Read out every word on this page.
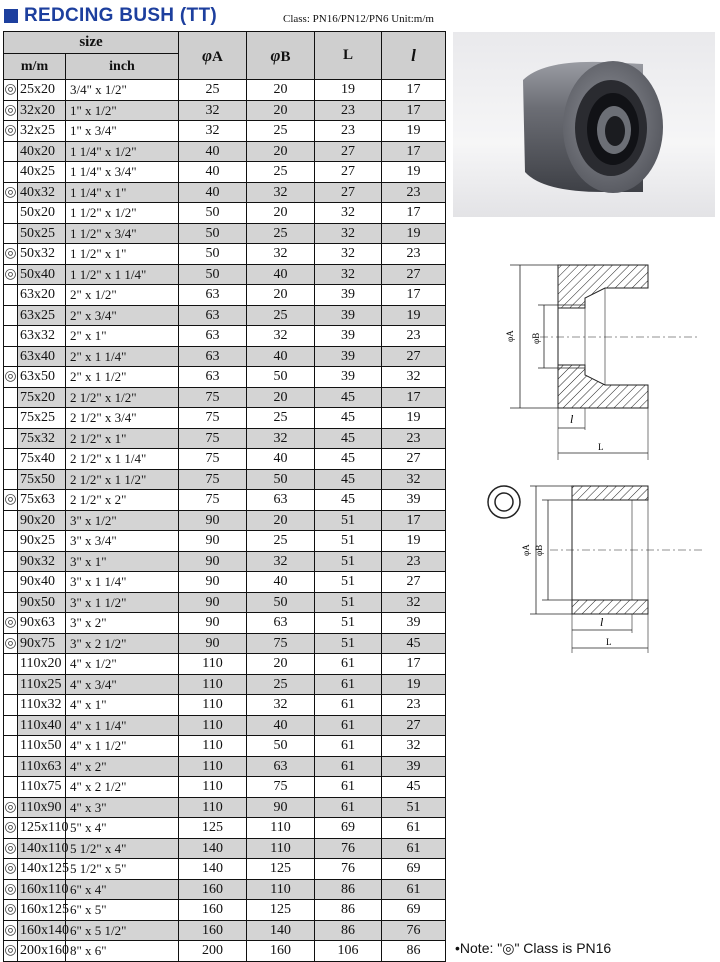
REDCING BUSH (TT)	Class: PN16/PN12/PN6 Unit:m/m
size			φA	φB	L	l
m/m		inch				
◎	25x20	3/4" x 1/2"	25	20	19	17
◎	32x20	1" x 1/2"	32	20	23	17
◎	32x25	1" x 3/4"	32	25	23	19
	40x20	1 1/4" x 1/2"	40	20	27	17
	40x25	1 1/4" x 3/4"	40	25	27	19
◎	40x32	1 1/4" x 1"	40	32	27	23
	50x20	1 1/2" x 1/2"	50	20	32	17
	50x25	1 1/2" x 3/4"	50	25	32	19
◎	50x32	1 1/2" x 1"	50	32	32	23
◎	50x40	1 1/2" x 1 1/4"	50	40	32	27
	63x20	2" x 1/2"	63	20	39	17
	63x25	2" x 3/4"	63	25	39	19
	63x32	2" x 1"	63	32	39	23
	63x40	2" x 1 1/4"	63	40	39	27
◎	63x50	2" x 1 1/2"	63	50	39	32
	75x20	2 1/2" x 1/2"	75	20	45	17
	75x25	2 1/2" x 3/4"	75	25	45	19
	75x32	2 1/2" x 1"	75	32	45	23
	75x40	2 1/2" x 1 1/4"	75	40	45	27
	75x50	2 1/2" x 1 1/2"	75	50	45	32
◎	75x63	2 1/2" x 2"	75	63	45	39
	90x20	3" x 1/2"	90	20	51	17
	90x25	3" x 3/4"	90	25	51	19
	90x32	3" x 1"	90	32	51	23
	90x40	3" x 1 1/4"	90	40	51	27
	90x50	3" x 1 1/2"	90	50	51	32
◎	90x63	3" x 2"	90	63	51	39
◎	90x75	3" x 2 1/2"	90	75	51	45
	110x20	4" x 1/2"	110	20	61	17
	110x25	4" x 3/4"	110	25	61	19
	110x32	4" x 1"	110	32	61	23
	110x40	4" x 1 1/4"	110	40	61	27
	110x50	4" x 1 1/2"	110	50	61	32
	110x63	4" x 2"	110	63	61	39
	110x75	4" x 2 1/2"	110	75	61	45
◎	110x90	4" x 3"	110	90	61	51
◎	125x110	5" x 4"	125	110	69	61
◎	140x110	5 1/2" x 4"	140	110	76	61
◎	140x125	5 1/2" x 5"	140	125	76	69
◎	160x110	6" x 4"	160	110	86	61
◎	160x125	6" x 5"	160	125	86	69
◎	160x140	6" x 5 1/2"	160	140	86	76
◎	200x160	8" x 6"	200	160	106	86
φA φB
l
L
φA φB
l
L
•Note: "◎" Class is PN16
